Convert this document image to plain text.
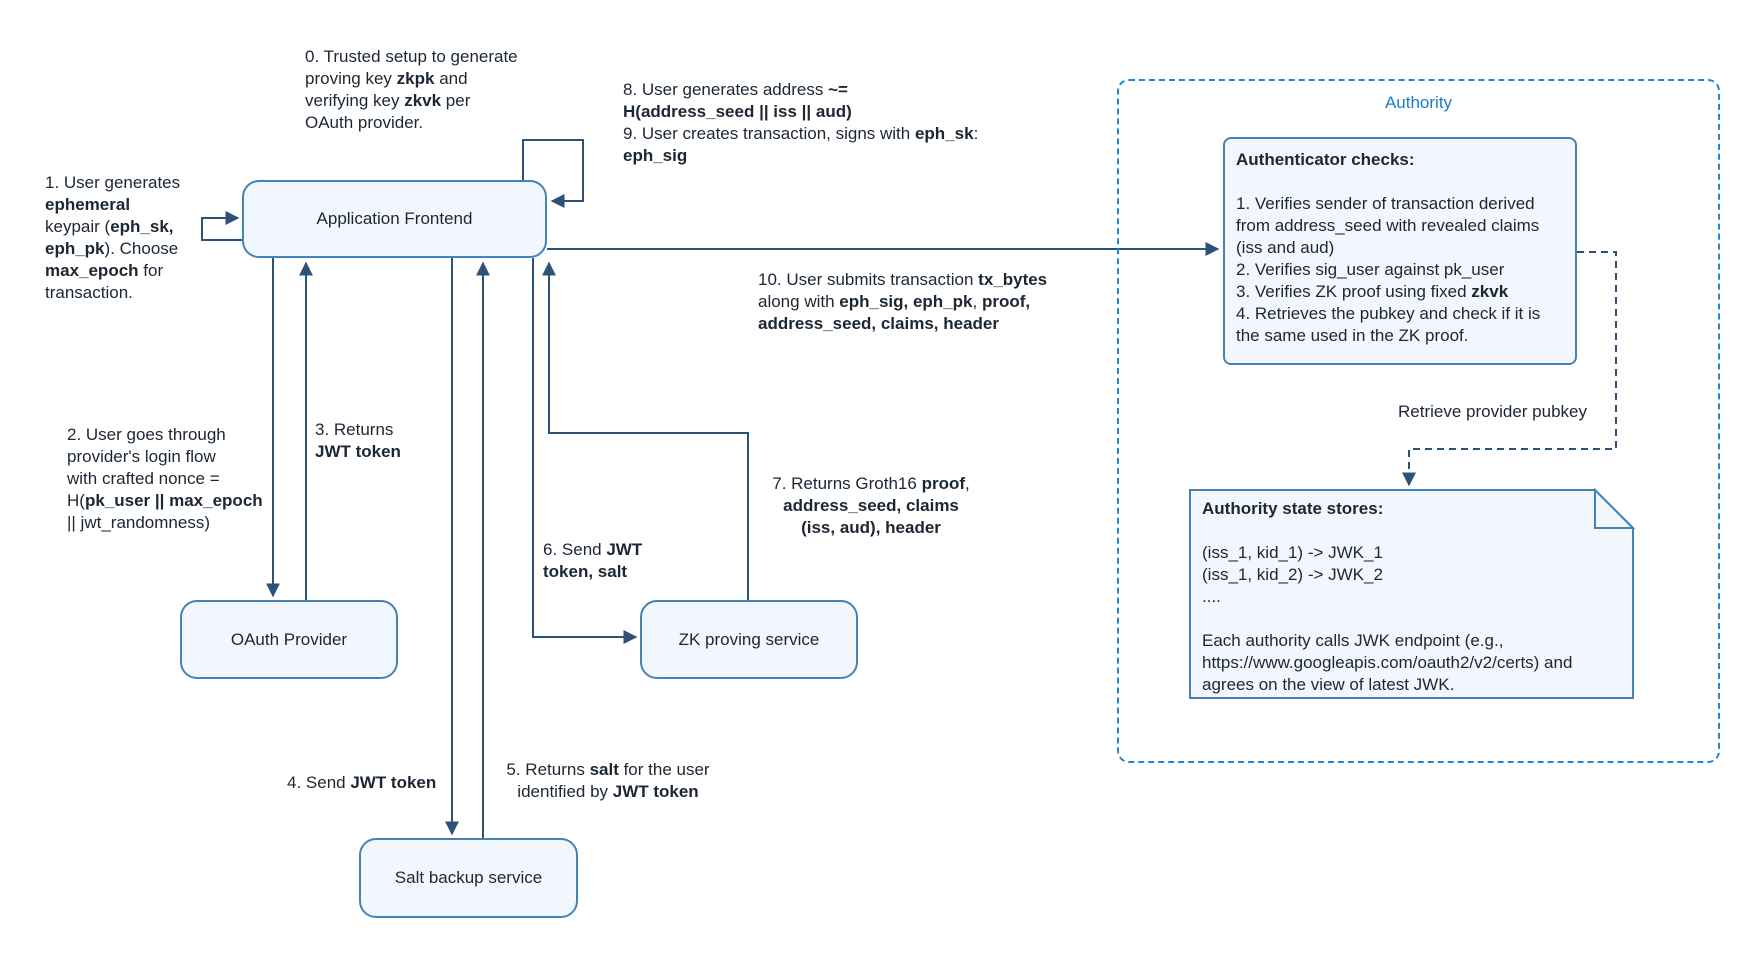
Authority
Application Frontend
OAuth Provider	ZK proving service
Salt backup service
Authenticator checks:

1. Verifies sender of transaction derived
from address_seed with revealed claims
(iss and aud)
2. Verifies sig_user against pk_user
3. Verifies ZK proof using fixed zkvk
4. Retrieves the pubkey and check if it is
the same used in the ZK proof.
Authority state stores:

(iss_1, kid_1) -> JWK_1
(iss_1, kid_2) -> JWK_2
....

Each authority calls JWK endpoint (e.g.,
https://www.googleapis.com/oauth2/v2/certs) and
agrees on the view of latest JWK.
0. Trusted setup to generate
proving key zkpk and
verifying key zkvk per
OAuth provider.
1. User generates
ephemeral
keypair (eph_sk,
eph_pk). Choose
max_epoch for
transaction.
2. User goes through
provider's login flow
with crafted nonce =
H(pk_user || max_epoch
|| jwt_randomness)
3. Returns
JWT token
4. Send JWT token
5. Returns salt for the user
identified by JWT token
6. Send JWT
token, salt
7. Returns Groth16 proof,
address_seed, claims
(iss, aud), header
8. User generates address ~=
H(address_seed || iss || aud)
9. User creates transaction, signs with eph_sk:
eph_sig
10. User submits transaction tx_bytes
along with eph_sig, eph_pk, proof,
address_seed, claims, header
Retrieve provider pubkey
